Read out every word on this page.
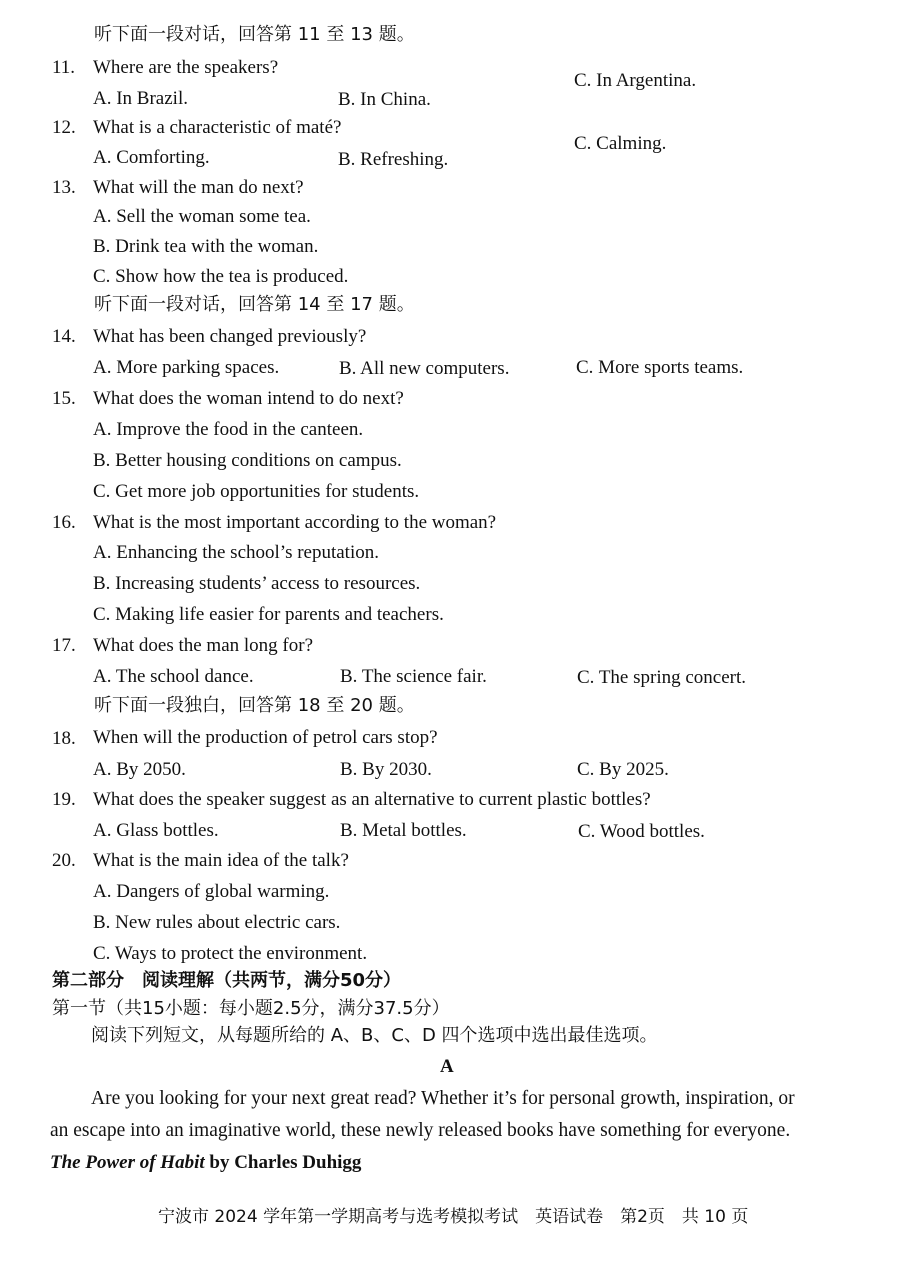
听下面一段对话，回答第 11 至 13 题。
11. Where are the speakers?
A. In Brazil.	B. In China.
C. In Argentina.
12. What is a characteristic of maté?
A. Comforting.	B. Refreshing.
C. Calming.
13. What will the man do next?
A. Sell the woman some tea.
B. Drink tea with the woman.
C. Show how the tea is produced.
听下面一段对话，回答第 14 至 17 题。
14. What has been changed previously?
A. More parking spaces.	B. All new computers.	C. More sports teams.
15. What does the woman intend to do next?
A. Improve the food in the canteen.
B. Better housing conditions on campus.
C. Get more job opportunities for students.
16. What is the most important according to the woman?
A. Enhancing the school’s reputation.
B. Increasing students’ access to resources.
C. Making life easier for parents and teachers.
17. What does the man long for?
A. The school dance.	B. The science fair.	C. The spring concert.
听下面一段独白，回答第 18 至 20 题。
18. When will the production of petrol cars stop?
A. By 2050.	B. By 2030.	C. By 2025.
19. What does the speaker suggest as an alternative to current plastic bottles?
A. Glass bottles.	B. Metal bottles.	C. Wood bottles.
20. What is the main idea of the talk?
A. Dangers of global warming.
B. New rules about electric cars.
C. Ways to protect the environment.
第二部分　阅读理解（共两节，满分50分）
第一节（共15小题：每小题2.5分，满分37.5分）
阅读下列短文，从每题所给的 A、B、C、D 四个选项中选出最佳选项。
A
Are you looking for your next great read? Whether it’s for personal growth, inspiration, or
an escape into an imaginative world, these newly released books have something for everyone.
The Power of Habit by Charles Duhigg
宁波市 2024 学年第一学期高考与选考模拟考试　英语试卷　第2页　共 10 页
